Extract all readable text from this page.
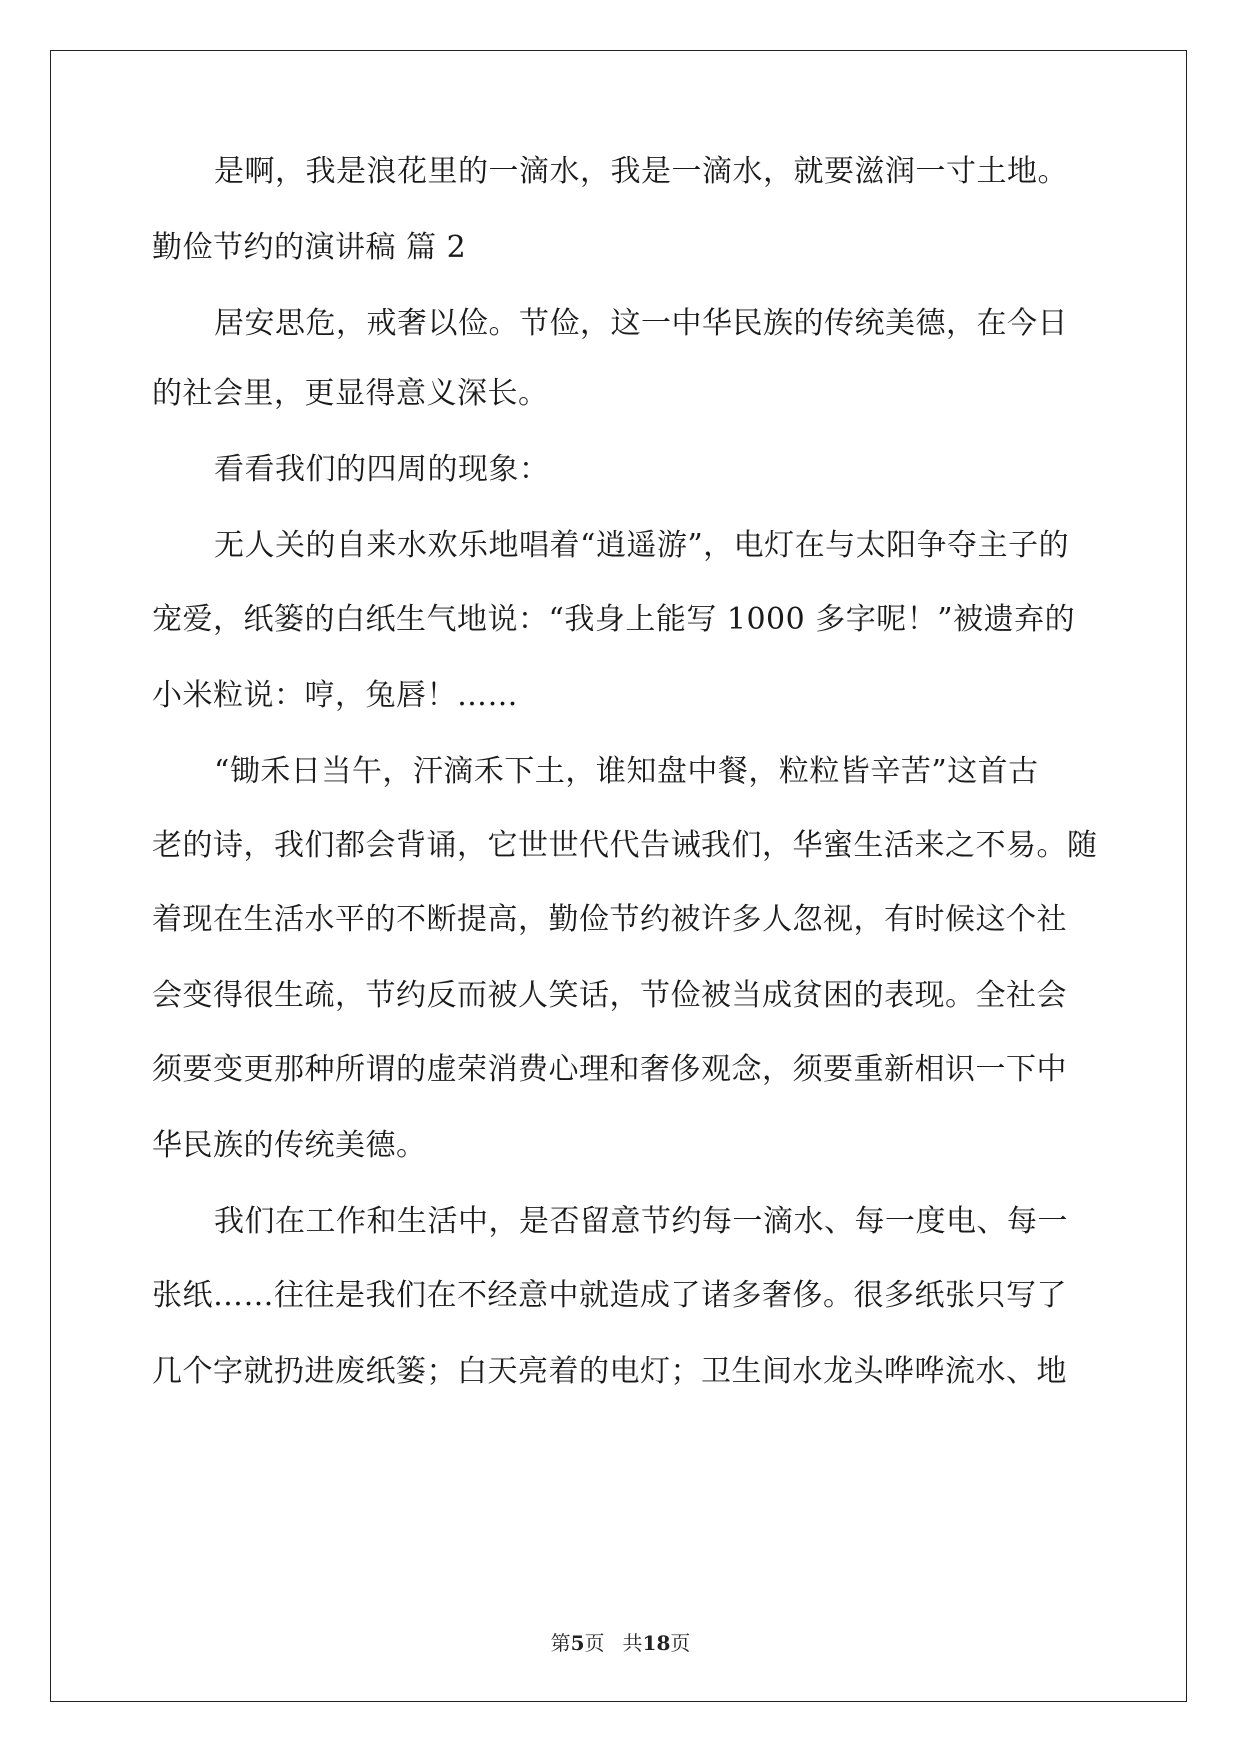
是啊，我是浪花里的一滴水，我是一滴水，就要滋润一寸土地。
勤俭节约的演讲稿 篇 2
居安思危，戒奢以俭。节俭，这一中华民族的传统美德，在今日
的社会里，更显得意义深长。
看看我们的四周的现象：
无人关的自来水欢乐地唱着“逍遥游”，电灯在与太阳争夺主子的
宠爱，纸篓的白纸生气地说：“我身上能写 1000 多字呢！”被遗弃的
小米粒说：哼，兔唇！……
“锄禾日当午，汗滴禾下土，谁知盘中餐，粒粒皆辛苦”这首古
老的诗，我们都会背诵，它世世代代告诫我们，华蜜生活来之不易。随
着现在生活水平的不断提高，勤俭节约被许多人忽视，有时候这个社
会变得很生疏，节约反而被人笑话，节俭被当成贫困的表现。全社会
须要变更那种所谓的虚荣消费心理和奢侈观念，须要重新相识一下中
华民族的传统美德。
我们在工作和生活中，是否留意节约每一滴水、每一度电、每一
张纸……往往是我们在不经意中就造成了诸多奢侈。很多纸张只写了
几个字就扔进废纸篓；白天亮着的电灯；卫生间水龙头哗哗流水、地
第5页 共18页
